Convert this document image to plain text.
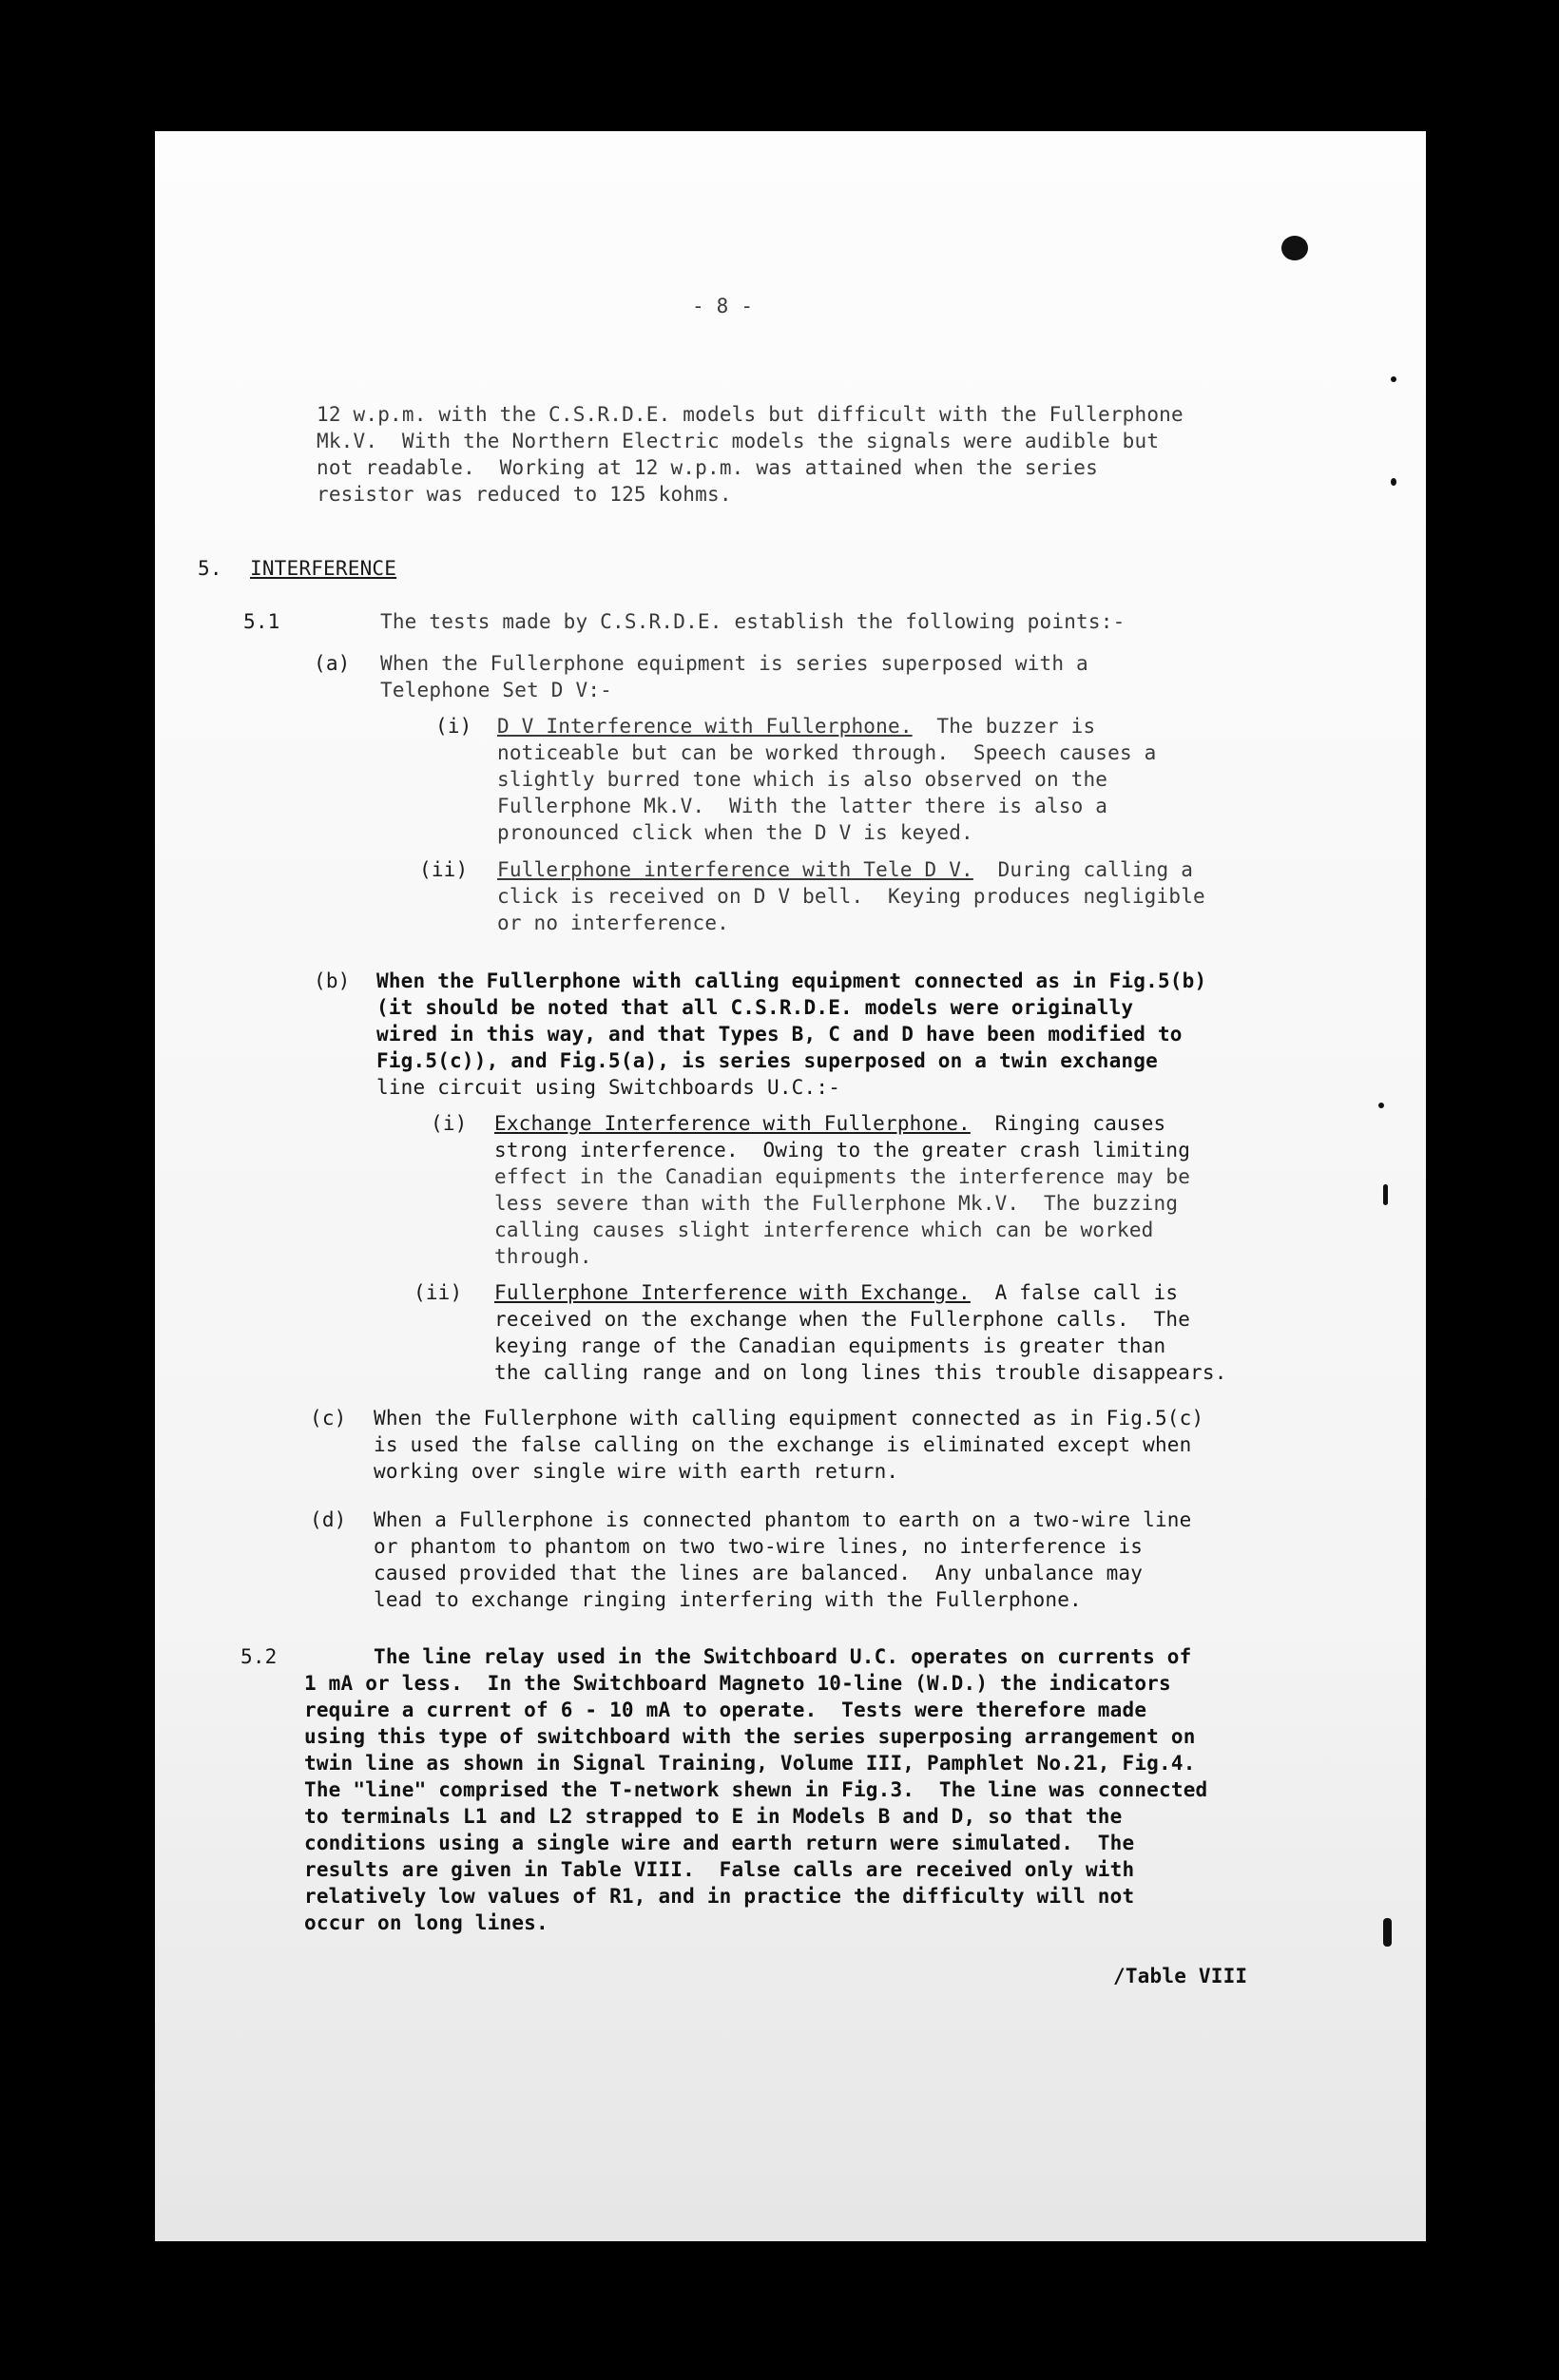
- 8 -
12 w.p.m. with the C.S.R.D.E. models but difficult with the Fullerphone
Mk.V.  With the Northern Electric models the signals were audible but
not readable.  Working at 12 w.p.m. was attained when the series
resistor was reduced to 125 kohms.
5. INTERFERENCE
5.1	The tests made by C.S.R.D.E. establish the following points:-
(a) When the Fullerphone equipment is series superposed with a
Telephone Set D V:-
(i) D V Interference with Fullerphone.  The buzzer is
noticeable but can be worked through.  Speech causes a
slightly burred tone which is also observed on the
Fullerphone Mk.V.  With the latter there is also a
pronounced click when the D V is keyed.
(ii) Fullerphone interference with Tele D V.  During calling a
click is received on D V bell.  Keying produces negligible
or no interference.
(b) When the Fullerphone with calling equipment connected as in Fig.5(b)
(it should be noted that all C.S.R.D.E. models were originally
wired in this way, and that Types B, C and D have been modified to
Fig.5(c)), and Fig.5(a), is series superposed on a twin exchange
line circuit using Switchboards U.C.:-
(i) Exchange Interference with Fullerphone.  Ringing causes
strong interference.  Owing to the greater crash limiting
effect in the Canadian equipments the interference may be
less severe than with the Fullerphone Mk.V.  The buzzing
calling causes slight interference which can be worked
through.
(ii) Fullerphone Interference with Exchange.  A false call is
received on the exchange when the Fullerphone calls.  The
keying range of the Canadian equipments is greater than
the calling range and on long lines this trouble disappears.
(c) When the Fullerphone with calling equipment connected as in Fig.5(c)
is used the false calling on the exchange is eliminated except when
working over single wire with earth return.
(d) When a Fullerphone is connected phantom to earth on a two-wire line
or phantom to phantom on two two-wire lines, no interference is
caused provided that the lines are balanced.  Any unbalance may
lead to exchange ringing interfering with the Fullerphone.
5.2	The line relay used in the Switchboard U.C. operates on currents of
1 mA or less.  In the Switchboard Magneto 10-line (W.D.) the indicators
require a current of 6 - 10 mA to operate.  Tests were therefore made
using this type of switchboard with the series superposing arrangement on
twin line as shown in Signal Training, Volume III, Pamphlet No.21, Fig.4.
The "line" comprised the T-network shewn in Fig.3.  The line was connected
to terminals L1 and L2 strapped to E in Models B and D, so that the
conditions using a single wire and earth return were simulated.  The
results are given in Table VIII.  False calls are received only with
relatively low values of R1, and in practice the difficulty will not
occur on long lines.
/Table VIII
